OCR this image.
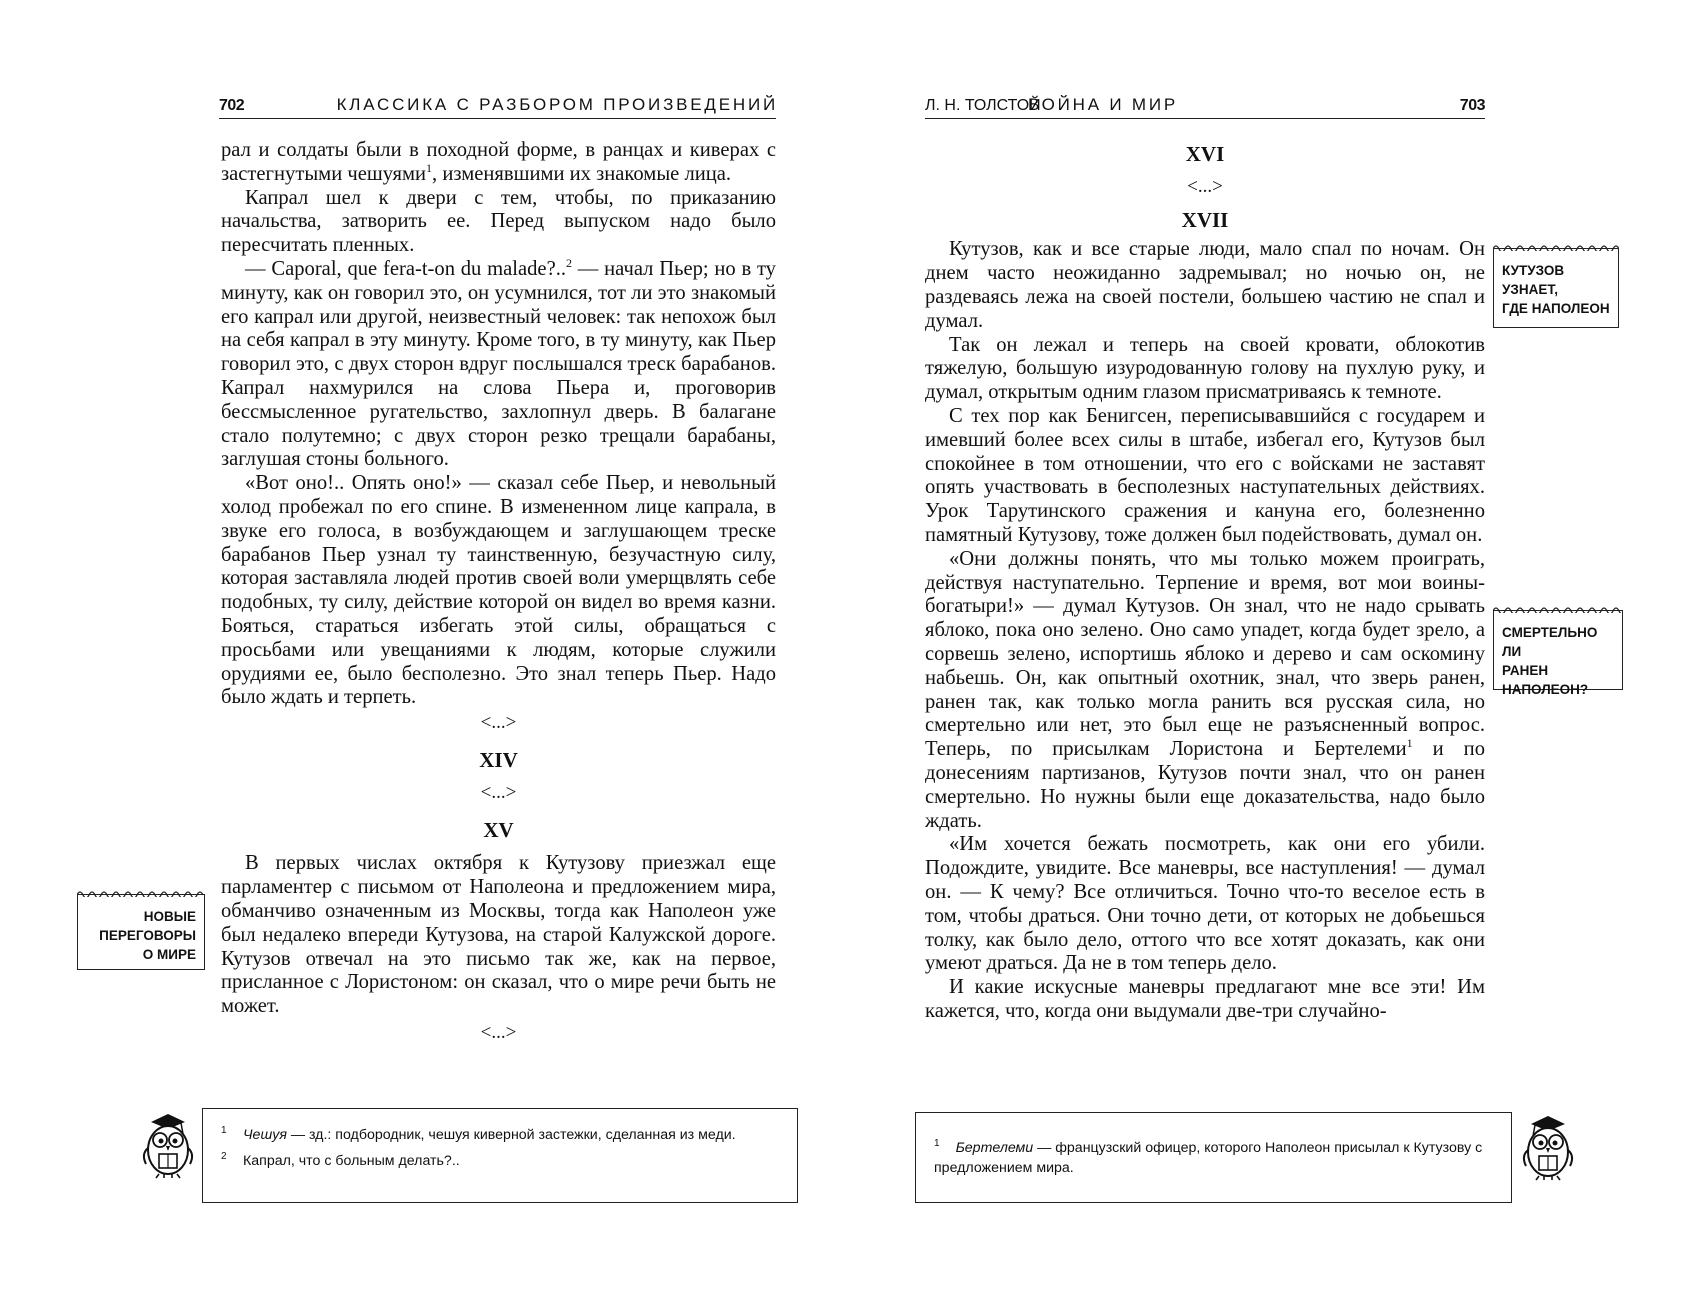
702	КЛАССИКА С РАЗБОРОМ ПРОИЗВЕДЕНИЙ

рал и солдаты были в походной форме, в ранцах и киверах с застегнутыми чешуями$^1$, изменявшими их знакомые лица.

Капрал шел к двери с тем, чтобы, по приказанию начальства, затворить ее. Перед выпуском надо было пересчитать пленных.

— Caporal, que fera-t-on du malade?..$^2$ — начал Пьер; но в ту минуту, как он говорил это, он усумнился, тот ли это знакомый его капрал или другой, неизвестный человек: так непохож был на себя капрал в эту минуту. Кроме того, в ту минуту, как Пьер говорил это, с двух сторон вдруг послышался треск барабанов. Капрал нахмурился на слова Пьера и, проговорив бессмысленное ругательство, захлопнул дверь. В балагане стало полутемно; с двух сторон резко трещали барабаны, заглушая стоны больного.

«Вот оно!.. Опять оно!» — сказал себе Пьер, и невольный холод пробежал по его спине. В измененном лице капрала, в звуке его голоса, в возбуждающем и заглушающем треске барабанов Пьер узнал ту таинственную, безучастную силу, которая заставляла людей против своей воли умерщвлять себе подобных, ту силу, действие которой он видел во время казни. Бояться, стараться избегать этой силы, обращаться с просьбами или увещаниями к людям, которые служили орудиями ее, было бесполезно. Это знал теперь Пьер. Надо было ждать и терпеть.

<...>
XIV
<...>
XV

В первых числах октября к Кутузову приезжал еще парламентер с письмом от Наполеона и предложением мира, обманчиво означенным из Москвы, тогда как Наполеон уже был недалеко впереди Кутузова, на старой Калужской дороге. Кутузов отвечал на это письмо так же, как на первое, присланное с Лористоном: он сказал, что о мире речи быть не может.

<...>
НОВЫЕ
ПЕРЕГОВОРЫ
О МИРЕ

1 Чешуя — зд.: подбородник, чешуя киверной застежки, сделанная из меди.

2 Капрал, что с больным делать?..

Л. Н. ТОЛСТОЙ
ВОЙНА И МИР	703
XVI
<...>
XVII

Кутузов, как и все старые люди, мало спал по ночам. Он днем часто неожиданно задремывал; но ночью он, не раздеваясь лежа на своей постели, большею частию не спал и думал.

Так он лежал и теперь на своей кровати, облокотив тяжелую, большую изуродованную голову на пухлую руку, и думал, открытым одним глазом присматриваясь к темноте.

С тех пор как Бенигсен, переписывавшийся с государем и имевший более всех силы в штабе, избегал его, Кутузов был спокойнее в том отношении, что его с войсками не заставят опять участвовать в бесполезных наступательных действиях. Урок Тарутинского сражения и кануна его, болезненно памятный Кутузову, тоже должен был подействовать, думал он.

«Они должны понять, что мы только можем проиграть, действуя наступательно. Терпение и время, вот мои воины-богатыри!» — думал Кутузов. Он знал, что не надо срывать яблоко, пока оно зелено. Оно само упадет, когда будет зрело, а сорвешь зелено, испортишь яблоко и дерево и сам оскомину набьешь. Он, как опытный охотник, знал, что зверь ранен, ранен так, как только могла ранить вся русская сила, но смертельно или нет, это был еще не разъясненный вопрос. Теперь, по присылкам Лористона и Бертелеми$^1$ и по донесениям партизанов, Кутузов почти знал, что он ранен смертельно. Но нужны были еще доказательства, надо было ждать.

«Им хочется бежать посмотреть, как они его убили. Подождите, увидите. Все маневры, все наступления! — думал он. — К чему? Все отличиться. Точно что-то веселое есть в том, чтобы драться. Они точно дети, от которых не добьешься толку, как было дело, оттого что все хотят доказать, как они умеют драться. Да не в том теперь дело.

И какие искусные маневры предлагают мне все эти! Им кажется, что, когда они выдумали две-три случайно-

КУТУЗОВ
УЗНАЕТ,
ГДЕ НАПОЛЕОН
СМЕРТЕЛЬНО ЛИ
РАНЕН
НАПОЛЕОН?

$^1$ Бертелеми — французский офицер, которого Наполеон присылал к Кутузову с предложением мира.
